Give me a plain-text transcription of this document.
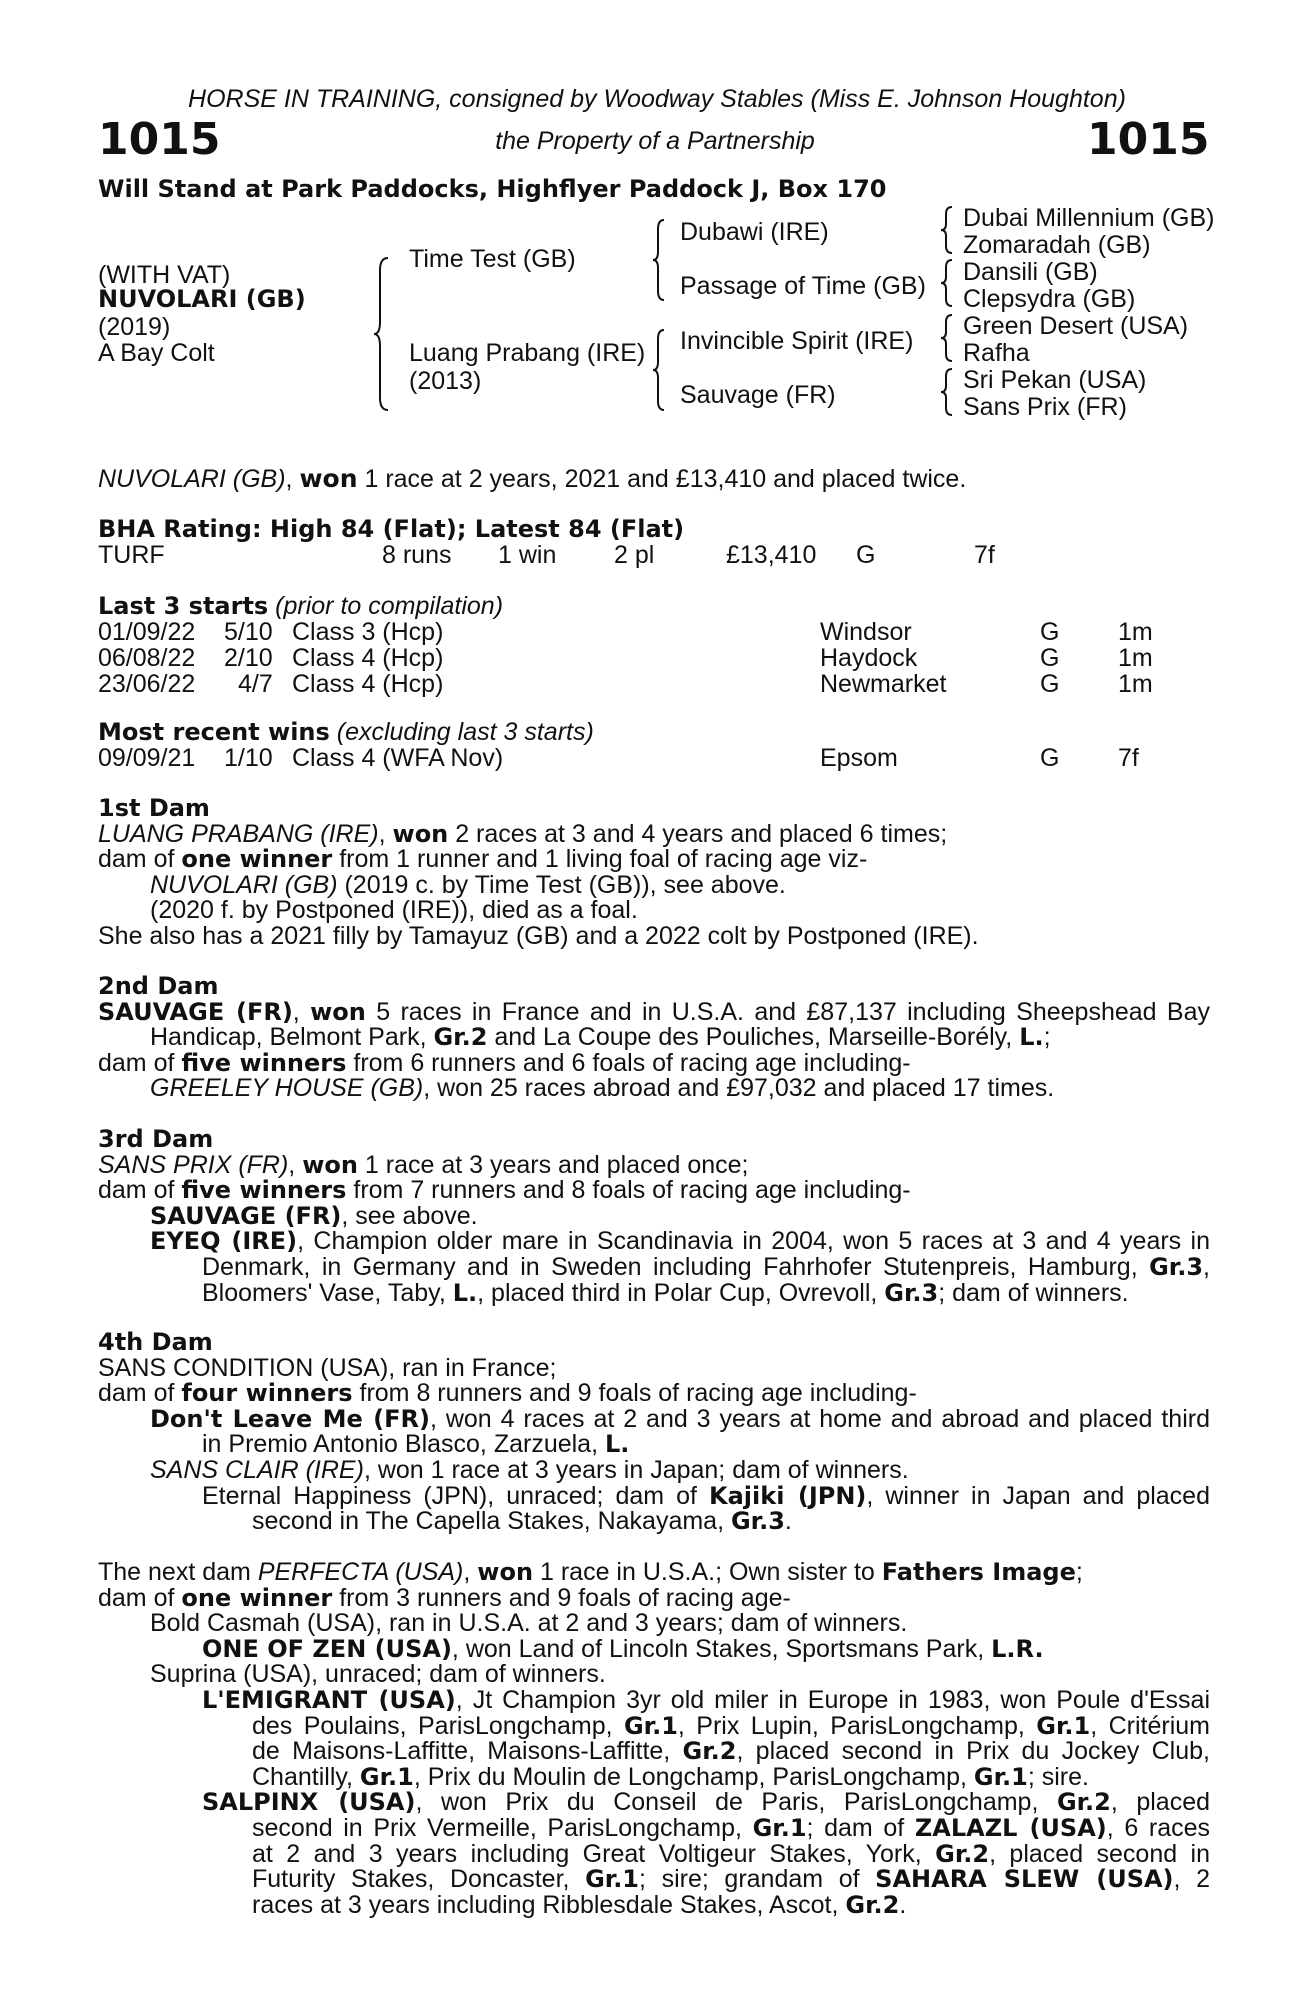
HORSE IN TRAINING, consigned by Woodway Stables (Miss E. Johnson Houghton)
1015	the Property of a Partnership	1015
Will Stand at Park Paddocks, Highflyer Paddock J, Box 170
(WITH VAT)
NUVOLARI (GB)
(2019)
A Bay Colt
Time Test (GB)
Luang Prabang (IRE)
(2013)
Dubawi (IRE)
Passage of Time (GB)
Invincible Spirit (IRE)
Sauvage (FR)
Dubai Millennium (GB)
Zomaradah (GB)
Dansili (GB)
Clepsydra (GB)
Green Desert (USA)
Rafha
Sri Pekan (USA)
Sans Prix (FR)
NUVOLARI (GB), won 1 race at 2 years, 2021 and £13,410 and placed twice.
BHA Rating: High 84 (Flat); Latest 84 (Flat)
TURF	8 runs 1 win 2 pl	£13,410 G	7f
Last 3 starts (prior to compilation)
01/09/22 5/10 Class 3 (Hcp)	Windsor	G 1m
06/08/22 2/10 Class 4 (Hcp)	Haydock	G 1m
23/06/22 4/7 Class 4 (Hcp)	Newmarket	G 1m
Most recent wins (excluding last 3 starts)
09/09/21 1/10 Class 4 (WFA Nov)	Epsom	G 7f
1st Dam
LUANG PRABANG (IRE), won 2 races at 3 and 4 years and placed 6 times;
dam of one winner from 1 runner and 1 living foal of racing age viz-
NUVOLARI (GB) (2019 c. by Time Test (GB)), see above.
(2020 f. by Postponed (IRE)), died as a foal.
She also has a 2021 filly by Tamayuz (GB) and a 2022 colt by Postponed (IRE).
2nd Dam
SAUVAGE (FR), won 5 races in France and in U.S.A. and £87,137 including Sheepshead Bay
Handicap, Belmont Park, Gr.2 and La Coupe des Pouliches, Marseille-Borély, L.;
dam of five winners from 6 runners and 6 foals of racing age including-
GREELEY HOUSE (GB), won 25 races abroad and £97,032 and placed 17 times.
3rd Dam
SANS PRIX (FR), won 1 race at 3 years and placed once;
dam of five winners from 7 runners and 8 foals of racing age including-
SAUVAGE (FR), see above.
EYEQ (IRE), Champion older mare in Scandinavia in 2004, won 5 races at 3 and 4 years in
Denmark, in Germany and in Sweden including Fahrhofer Stutenpreis, Hamburg, Gr.3,
Bloomers' Vase, Taby, L., placed third in Polar Cup, Ovrevoll, Gr.3; dam of winners.
4th Dam
SANS CONDITION (USA), ran in France;
dam of four winners from 8 runners and 9 foals of racing age including-
Don't Leave Me (FR), won 4 races at 2 and 3 years at home and abroad and placed third
in Premio Antonio Blasco, Zarzuela, L.
SANS CLAIR (IRE), won 1 race at 3 years in Japan; dam of winners.
Eternal Happiness (JPN), unraced; dam of Kajiki (JPN), winner in Japan and placed
second in The Capella Stakes, Nakayama, Gr.3.
The next dam PERFECTA (USA), won 1 race in U.S.A.; Own sister to Fathers Image;
dam of one winner from 3 runners and 9 foals of racing age-
Bold Casmah (USA), ran in U.S.A. at 2 and 3 years; dam of winners.
ONE OF ZEN (USA), won Land of Lincoln Stakes, Sportsmans Park, L.R.
Suprina (USA), unraced; dam of winners.
L'EMIGRANT (USA), Jt Champion 3yr old miler in Europe in 1983, won Poule d'Essai
des Poulains, ParisLongchamp, Gr.1, Prix Lupin, ParisLongchamp, Gr.1, Critérium
de Maisons-Laffitte, Maisons-Laffitte, Gr.2, placed second in Prix du Jockey Club,
Chantilly, Gr.1, Prix du Moulin de Longchamp, ParisLongchamp, Gr.1; sire.
SALPINX (USA), won Prix du Conseil de Paris, ParisLongchamp, Gr.2, placed
second in Prix Vermeille, ParisLongchamp, Gr.1; dam of ZALAZL (USA), 6 races
at 2 and 3 years including Great Voltigeur Stakes, York, Gr.2, placed second in
Futurity Stakes, Doncaster, Gr.1; sire; grandam of SAHARA SLEW (USA), 2
races at 3 years including Ribblesdale Stakes, Ascot, Gr.2.
